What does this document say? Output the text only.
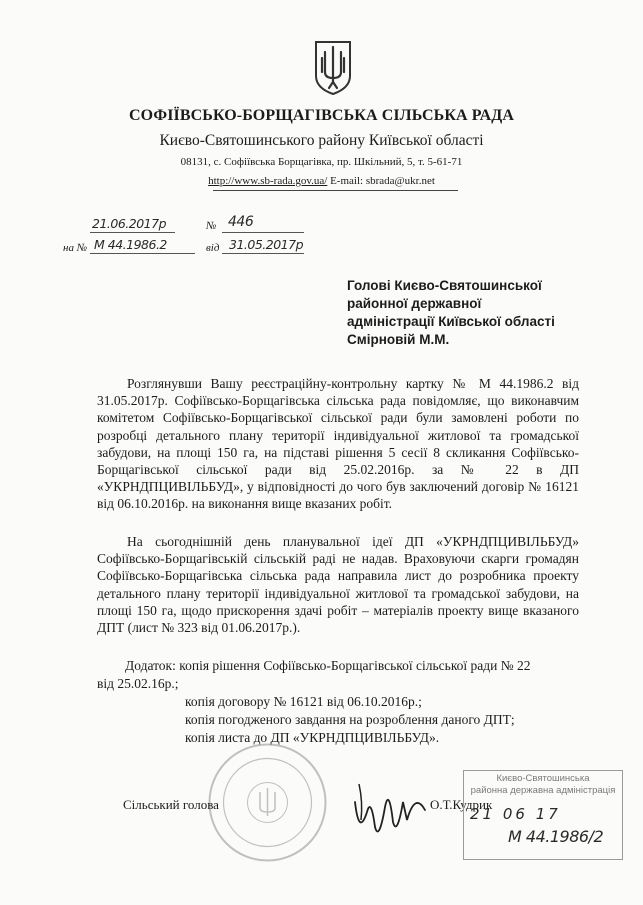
СОФІЇВСЬКО-БОРЩАГІВСЬКА СІЛЬСЬКА РАДА
Києво-Святошинського району Київської області
08131, с. Софіївська Борщагівка, пр. Шкільний, 5, т. 5-61-71
http://www.sb-rada.gov.ua/ E-mail: sbrada@ukr.net
21.06.2017р	№ 446
на № М 44.1986.2	від 31.05.2017р
Голові Києво-Святошинської
районної державної
адміністрації Київської області
Смірновій М.М.
Розглянувши Вашу реєстраційну-контрольну картку № М 44.1986.2 від 31.05.2017р. Софіївсько-Борщагівська сільська рада повідомляє, що виконавчим комітетом Софіївсько-Борщагівської сільської ради були замовлені роботи по розробці детального плану території індивідуальної житлової та громадської забудови, на площі 150 га, на підставі рішення 5 сесії 8 скликання Софіївсько-Борщагівської сільської ради від 25.02.2016р. за № 22 в ДП «УКРНДПЦИВІЛЬБУД», у відповідності до чого був заключений договір № 16121 від 06.10.2016р. на виконання вище вказаних робіт.
На сьогоднішній день планувальної ідеї ДП «УКРНДПЦИВІЛЬБУД» Софіївсько-Борщагівській сільській раді не надав. Враховуючи скарги громадян Софіївсько-Борщагівська сільська рада направила лист до розробника проекту детального плану території індивідуальної житлової та громадської забудови, на площі 150 га, щодо прискорення здачі робіт – матеріалів проекту вище вказаного ДПТ (лист № 323 від 01.06.2017р.).
Додаток: копія рішення Софіївсько-Борщагівської сільської ради № 22
від 25.02.16р.;
копія договору № 16121 від 06.10.2016р.;
копія погодженого завдання на розроблення даного ДПТ;
копія листа до ДП «УКРНДПЦИВІЛЬБУД».
Сільський голова	О.Т.Кудрик
Києво-Святошинська
районна державна адміністрація
21 06 17
М 44.1986/2
